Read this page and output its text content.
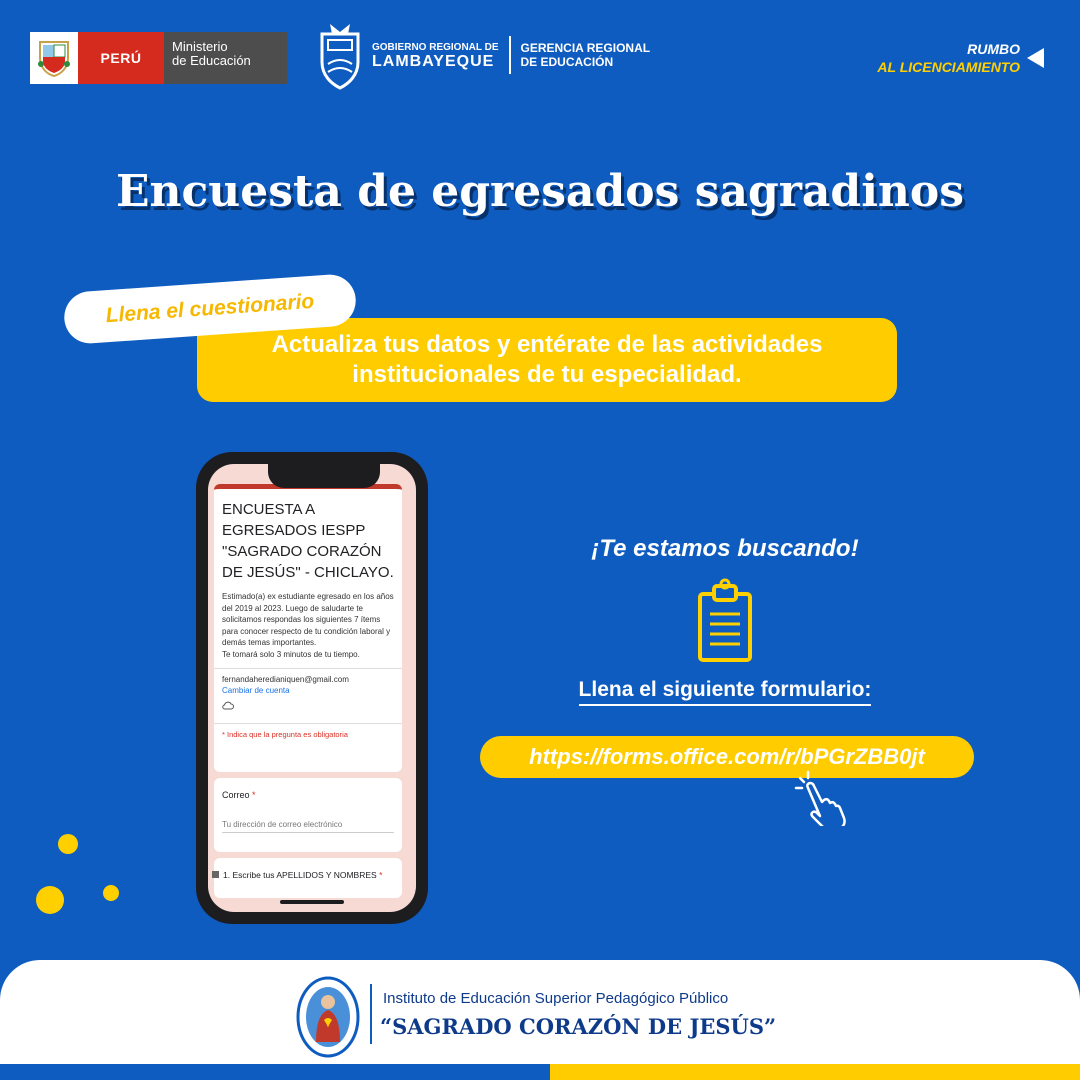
PERÚ
Ministerio
de Educación
GOBIERNO REGIONAL DE
LAMBAYEQUE
GERENCIA REGIONAL
DE EDUCACIÓN
RUMBO
AL LICENCIAMIENTO
Encuesta de egresados sagradinos
Llena el cuestionario
Actualiza tus datos y entérate de las actividades institucionales de tu especialidad.
ENCUESTA A EGRESADOS IESPP "SAGRADO CORAZÓN DE JESÚS" - CHICLAYO.
Estimado(a) ex estudiante egresado en los años del 2019 al 2023. Luego de saludarte te solicitamos respondas los siguientes 7 ítems para conocer respecto de tu condición laboral y demás temas importantes.
Te tomará solo 3 minutos de tu tiempo.
fernandaheredianiquen@gmail.com
Cambiar de cuenta
* Indica que la pregunta es obligatoria
Correo *
Tu dirección de correo electrónico
1. Escribe tus APELLIDOS Y NOMBRES *
¡Te estamos buscando!
Llena el siguiente formulario:
https://forms.office.com/r/bPGrZBB0jt
Instituto de Educación Superior Pedagógico Público
“SAGRADO CORAZÓN DE JESÚS”
